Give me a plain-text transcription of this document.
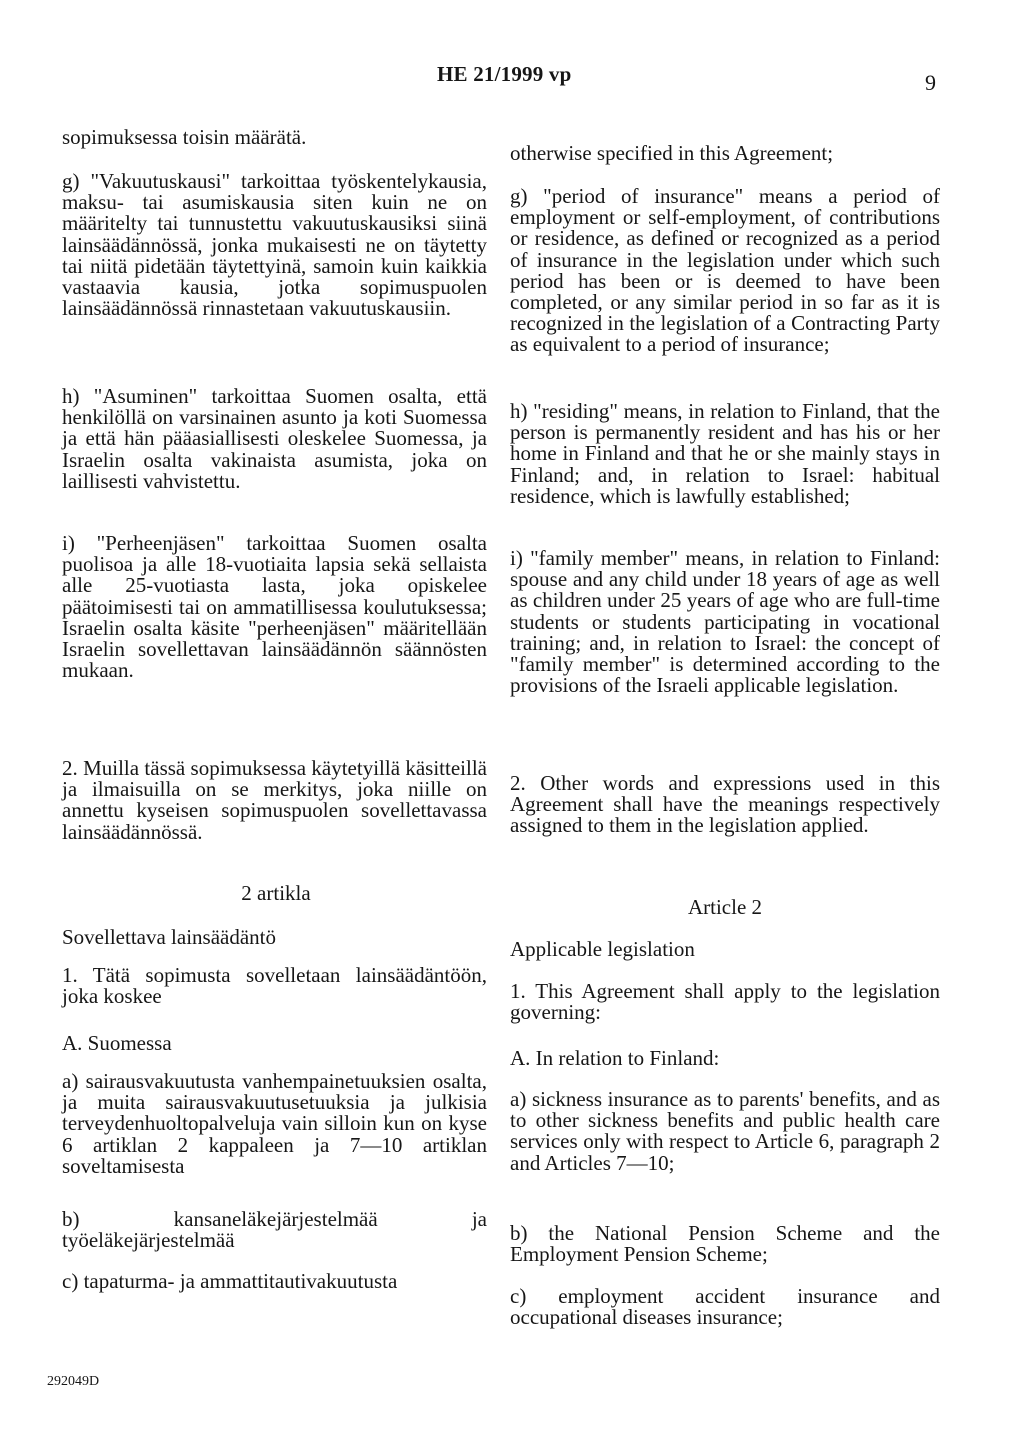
HE 21/1999 vp	9

sopimuksessa toisin määrätä.

g) "Vakuutuskausi" tarkoittaa työskentelykausia, maksu- tai asumiskausia siten kuin ne on määritelty tai tunnustettu vakuutuskausiksi siinä lainsäädännössä, jonka mukaisesti ne on täytetty tai niitä pidetään täytettyinä, samoin kuin kaikkia vastaavia kausia, jotka sopimuspuolen lainsäädännössä rinnastetaan vakuutuskausiin.

h) "Asuminen" tarkoittaa Suomen osalta, että henkilöllä on varsinainen asunto ja koti Suomessa ja että hän pääasiallisesti oleskelee Suomessa, ja Israelin osalta vakinaista asumista, joka on laillisesti vahvistettu.

i) "Perheenjäsen" tarkoittaa Suomen osalta puolisoa ja alle 18-vuotiaita lapsia sekä sellaista alle 25-vuotiasta lasta, joka opiskelee päätoimisesti tai on ammatillisessa koulutuksessa; Israelin osalta käsite "perheenjäsen" määritellään Israelin sovellettavan lainsäädännön säännösten mukaan.

2. Muilla tässä sopimuksessa käytetyillä käsitteillä ja ilmaisuilla on se merkitys, joka niille on annettu kyseisen sopimuspuolen sovellettavassa lainsäädännössä.

2 artikla

Sovellettava lainsäädäntö

1. Tätä sopimusta sovelletaan lainsäädäntöön, joka koskee

A. Suomessa

a) sairausvakuutusta vanhempainetuuksien osalta, ja muita sairausvakuutusetuuksia ja julkisia terveydenhuoltopalveluja vain silloin kun on kyse 6 artiklan 2 kappaleen ja 7—10 artiklan soveltamisesta

b) kansaneläkejärjestelmää ja työeläkejärjestelmää

c) tapaturma- ja ammattitautivakuutusta

otherwise specified in this Agreement;

g) "period of insurance" means a period of employment or self-employment, of contributions or residence, as defined or recognized as a period of insurance in the legislation under which such period has been or is deemed to have been completed, or any similar period in so far as it is recognized in the legislation of a Contracting Party as equivalent to a period of insurance;

h) "residing" means, in relation to Finland, that the person is permanently resident and has his or her home in Finland and that he or she mainly stays in Finland; and, in relation to Israel: habitual residence, which is lawfully established;

i) "family member" means, in relation to Finland: spouse and any child under 18 years of age as well as children under 25 years of age who are full-time students or students participating in vocational training; and, in relation to Israel: the concept of "family member" is determined according to the provisions of the Israeli applicable legislation.

2. Other words and expressions used in this Agreement shall have the meanings respectively assigned to them in the legislation applied.

Article 2

Applicable legislation

1. This Agreement shall apply to the legislation governing:

A. In relation to Finland:

a) sickness insurance as to parents' benefits, and as to other sickness benefits and public health care services only with respect to Article 6, paragraph 2 and Articles 7—10;

b) the National Pension Scheme and the Employment Pension Scheme;

c) employment accident insurance and occupational diseases insurance;

292049D
